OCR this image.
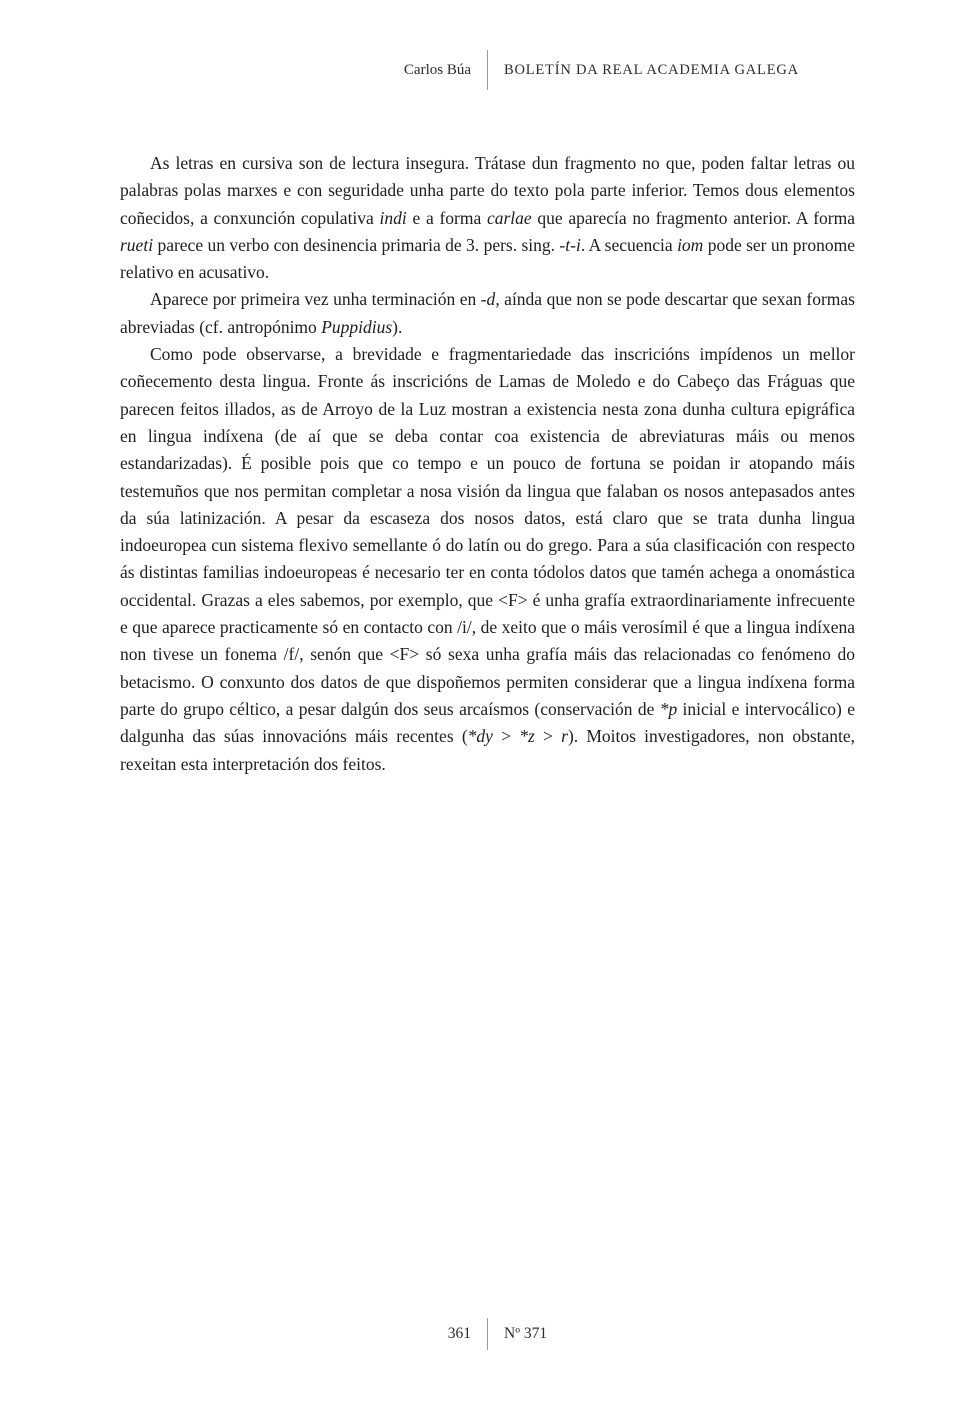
Carlos Búa	BOLETÍN DA REAL ACADEMIA GALEGA

As letras en cursiva son de lectura insegura. Trátase dun fragmento no que, poden faltar letras ou palabras polas marxes e con seguridade unha parte do texto pola parte inferior. Temos dous elementos coñecidos, a conxunción copulativa indi e a forma carlae que aparecía no fragmento anterior. A forma rueti parece un verbo con desinencia primaria de 3. pers. sing. -t-i. A secuencia iom pode ser un pronome relativo en acusativo.

Aparece por primeira vez unha terminación en -d, aínda que non se pode descartar que sexan formas abreviadas (cf. antropónimo Puppidius).

Como pode observarse, a brevidade e fragmentariedade das inscricións impídenos un mellor coñecemento desta lingua. Fronte ás inscricións de Lamas de Moledo e do Cabeço das Fráguas que parecen feitos illados, as de Arroyo de la Luz mostran a existencia nesta zona dunha cultura epigráfica en lingua indíxena (de aí que se deba contar coa existencia de abreviaturas máis ou menos estandarizadas). É posible pois que co tempo e un pouco de fortuna se poidan ir atopando máis testemuños que nos permitan completar a nosa visión da lingua que falaban os nosos antepasados antes da súa latinización. A pesar da escaseza dos nosos datos, está claro que se trata dunha lingua indoeuropea cun sistema flexivo semellante ó do latín ou do grego. Para a súa clasificación con respecto ás distintas familias indoeuropeas é necesario ter en conta tódolos datos que tamén achega a onomástica occidental. Grazas a eles sabemos, por exemplo, que <F> é unha grafía extraordinariamente infrecuente e que aparece practicamente só en contacto con /i/, de xeito que o máis verosímil é que a lingua indíxena non tivese un fonema /f/, senón que <F> só sexa unha grafía máis das relacionadas co fenómeno do betacismo. O conxunto dos datos de que dispoñemos permiten considerar que a lingua indíxena forma parte do grupo céltico, a pesar dalgún dos seus arcaísmos (conservación de *p inicial e intervocálico) e dalgunha das súas innovacións máis recentes (*dy > *z > r). Moitos investigadores, non obstante, rexeitan esta interpretación dos feitos.

361	Nº 371
